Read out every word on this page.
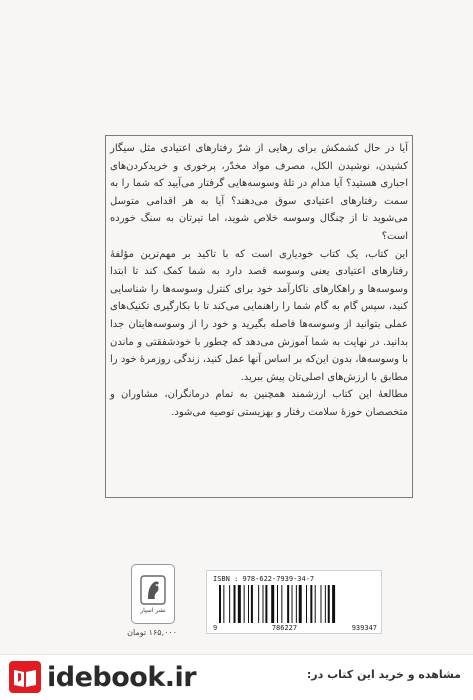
آیا در حال کشمکش برای رهایی از شرّ رفتارهای اعتیادی مثل سیگار کشیدن، نوشیدن الکل، مصرف مواد مخدّر، پرخوری و خریدکردن‌های اجباری هستید؟ آیا مدام در تلهٔ وسوسه‌هایی گرفتار می‌آیید که شما را به سمت رفتارهای اعتیادی سوق می‌دهند؟ آیا به هر اقدامی متوسل می‌شوید تا از چنگال وسوسه خلاص شوید، اما تیرتان به سنگ خورده است؟

این کتاب، یک کتاب خودیاری است که با تاکید بر مهم‌ترین مؤلفهٔ رفتارهای اعتیادی یعنی وسوسه قصد دارد به شما کمک کند تا ابتدا وسوسه‌ها و راهکارهای ناکارآمد خود برای کنترل وسوسه‌ها را شناسایی کنید، سپس گام به گام شما را راهنمایی می‌کند تا با بکارگیری تکنیک‌های عملی بتوانید از وسوسه‌ها فاصله بگیرید و خود را از وسوسه‌هایتان جدا بدانید. در نهایت به شما آموزش می‌دهد که چطور با خودشفقتی و ماندن با وسوسه‌ها، بدون این‌که بر اساس آنها عمل کنید، زندگی روزمرهٔ خود را مطابق با ارزش‌های اصلی‌تان پیش ببرید.

مطالعهٔ این کتاب ارزشمند همچنین به تمام درمانگران، مشاوران و متخصصان حوزهٔ سلامت رفتار و بهزیستی توصیه می‌شود.

نشر اسپار
۱۶۵,۰۰۰ تومان
ISBN : 978-622-7939-34-7
9	786227	939347
idebook.ir	مشاهده و خرید این کتاب در:
